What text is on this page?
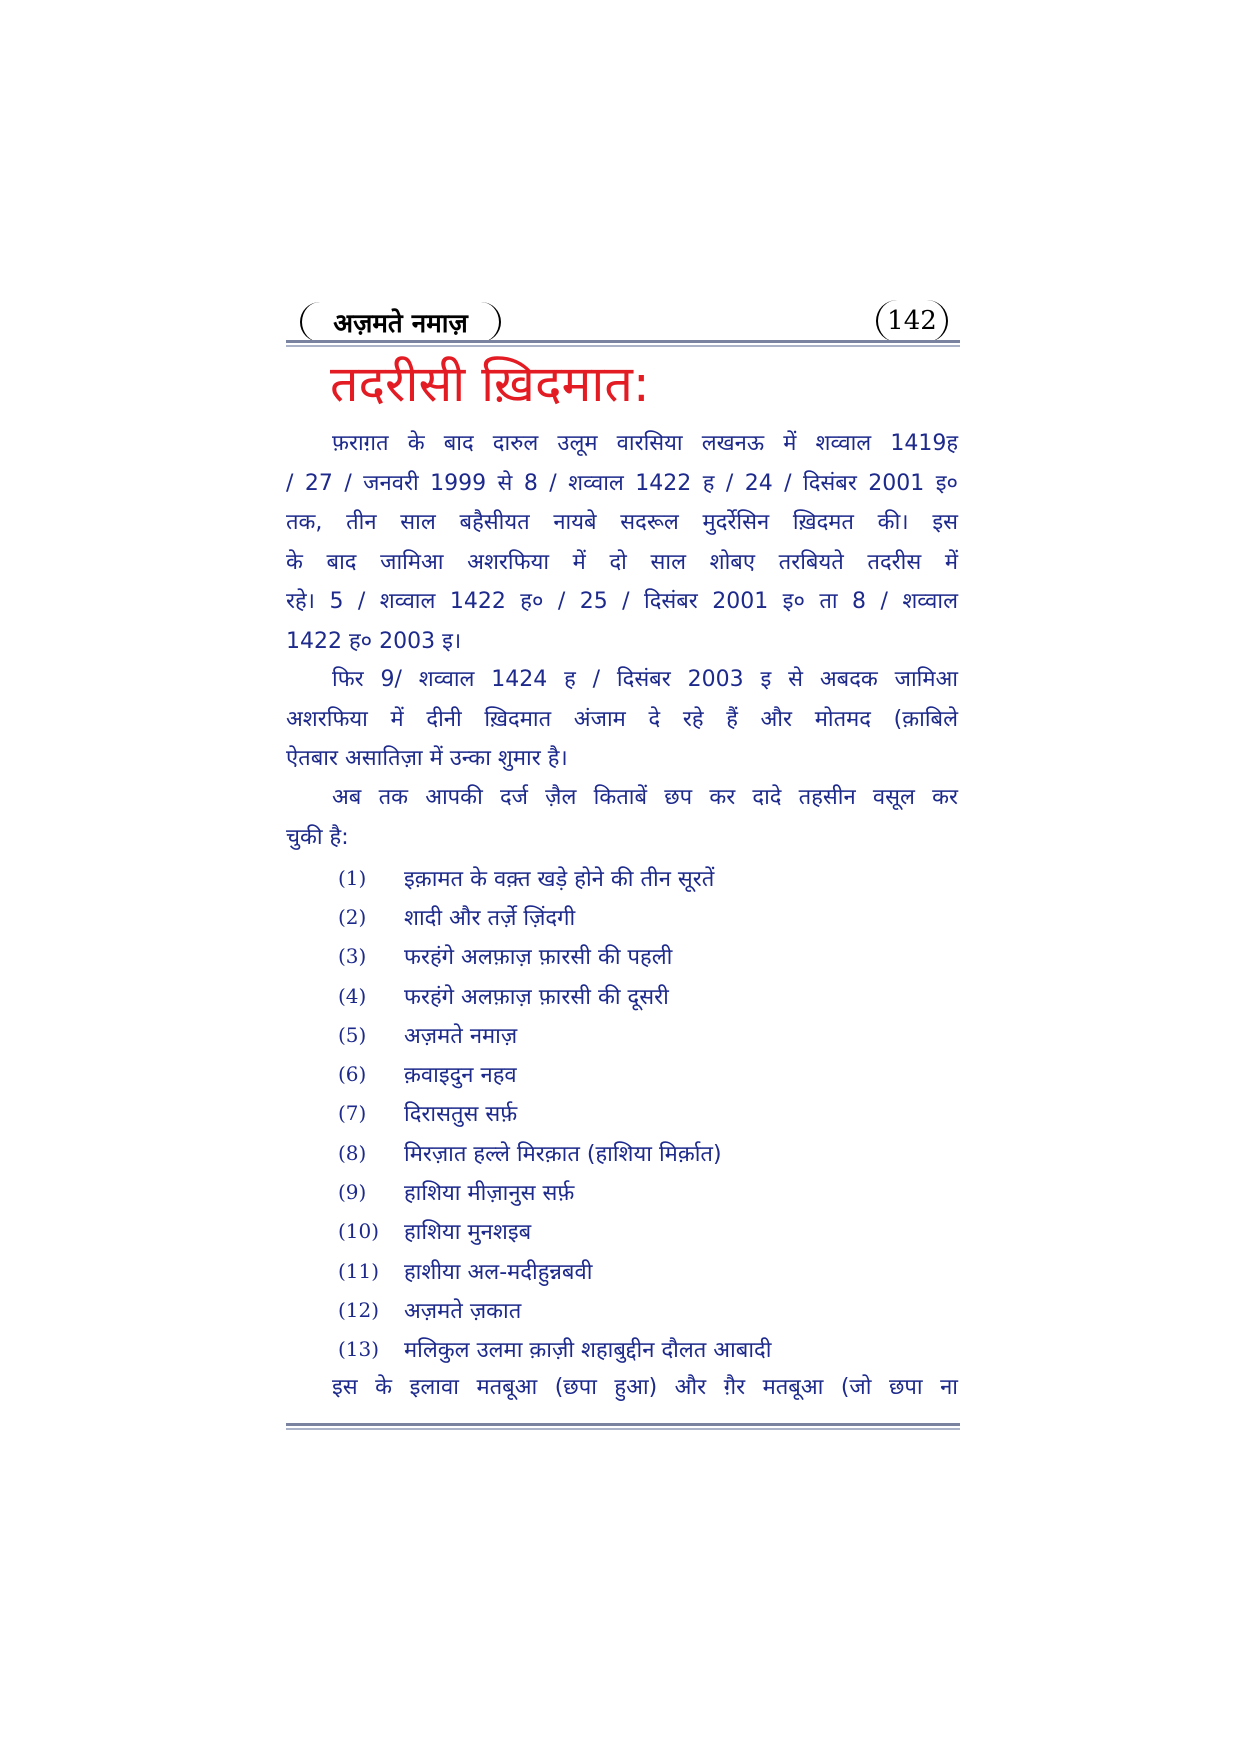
अज़मते नमाज़	142
तदरीसी ख़िदमात:

फ़राग़त के बाद दारुल उलूम वारसिया लखनऊ में शव्वाल 1419ह

/ 27 / जनवरी 1999 से 8 / शव्वाल 1422 ह / 24 / दिसंबर 2001 इ०

तक, तीन साल बहैसीयत नायबे सदरूल मुदर्रेसिन ख़िदमत की। इस

के बाद जामिआ अशरफिया में दो साल शोबए तरबियते तदरीस में

रहे। 5 / शव्वाल 1422 ह० / 25 / दिसंबर 2001 इ० ता 8 / शव्वाल

1422 ह० 2003 इ।

फिर 9/ शव्वाल 1424 ह / दिसंबर 2003 इ से अबदक जामिआ

अशरफिया में दीनी ख़िदमात अंजाम दे रहे हैं और मोतमद (क़ाबिले

ऐतबार असातिज़ा में उन्का शुमार है।

अब तक आपकी दर्ज ज़ैल किताबें छप कर दादे तहसीन वसूल कर

चुकी है:

(1)	इक़ामत के वक़्त खड़े होने की तीन सूरतें
(2)	शादी और तर्ज़े ज़िंदगी
(3)	फरहंगे अलफ़ाज़ फ़ारसी की पहली
(4)	फरहंगे अलफ़ाज़ फ़ारसी की दूसरी
(5)	अज़मते नमाज़
(6)	क़वाइदुन नहव
(7)	दिरासतुस सर्फ़
(8)	मिरज़ात हल्ले मिरक़ात (हाशिया मिर्क़ात)
(9)	हाशिया मीज़ानुस सर्फ़
(10)	हाशिया मुनशइब
(11)	हाशीया अल-मदीहुन्नबवी
(12)	अज़मते ज़कात
(13)	मलिकुल उलमा क़ाज़ी शहाबुद्दीन दौलत आबादी

इस के इलावा मतबूआ (छपा हुआ) और ग़ैर मतबूआ (जो छपा ना
